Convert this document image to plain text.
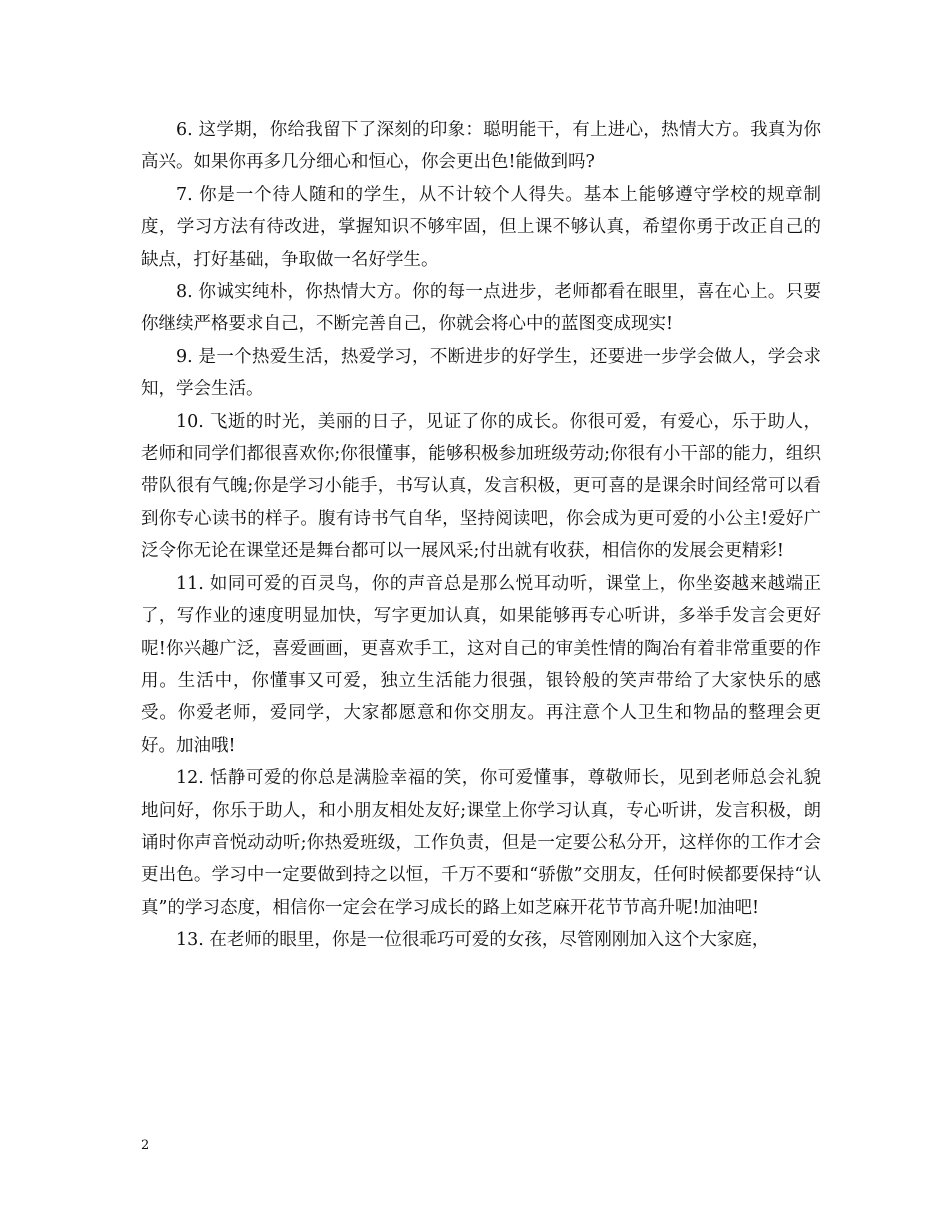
6. 这学期，你给我留下了深刻的印象：聪明能干，有上进心，热情大方。我真为你高兴。如果你再多几分细心和恒心，你会更出色!能做到吗?

7. 你是一个待人随和的学生，从不计较个人得失。基本上能够遵守学校的规章制度，学习方法有待改进，掌握知识不够牢固，但上课不够认真，希望你勇于改正自己的缺点，打好基础，争取做一名好学生。

8. 你诚实纯朴，你热情大方。你的每一点进步，老师都看在眼里，喜在心上。只要你继续严格要求自己，不断完善自己，你就会将心中的蓝图变成现实!

9. 是一个热爱生活，热爱学习，不断进步的好学生，还要进一步学会做人，学会求知，学会生活。

10. 飞逝的时光，美丽的日子，见证了你的成长。你很可爱，有爱心，乐于助人，老师和同学们都很喜欢你;你很懂事，能够积极参加班级劳动;你很有小干部的能力，组织带队很有气魄;你是学习小能手，书写认真，发言积极，更可喜的是课余时间经常可以看到你专心读书的样子。腹有诗书气自华，坚持阅读吧，你会成为更可爱的小公主!爱好广泛令你无论在课堂还是舞台都可以一展风采;付出就有收获，相信你的发展会更精彩!

11. 如同可爱的百灵鸟，你的声音总是那么悦耳动听，课堂上，你坐姿越来越端正了，写作业的速度明显加快，写字更加认真，如果能够再专心听讲，多举手发言会更好呢!你兴趣广泛，喜爱画画，更喜欢手工，这对自己的审美性情的陶冶有着非常重要的作用。生活中，你懂事又可爱，独立生活能力很强，银铃般的笑声带给了大家快乐的感受。你爱老师，爱同学，大家都愿意和你交朋友。再注意个人卫生和物品的整理会更好。加油哦!

12. 恬静可爱的你总是满脸幸福的笑，你可爱懂事，尊敬师长，见到老师总会礼貌地问好，你乐于助人，和小朋友相处友好;课堂上你学习认真，专心听讲，发言积极，朗诵时你声音悦动动听;你热爱班级，工作负责，但是一定要公私分开，这样你的工作才会更出色。学习中一定要做到持之以恒，千万不要和“骄傲”交朋友，任何时候都要保持“认真”的学习态度，相信你一定会在学习成长的路上如芝麻开花节节高升呢!加油吧!

13. 在老师的眼里，你是一位很乖巧可爱的女孩，尽管刚刚加入这个大家庭，

2
